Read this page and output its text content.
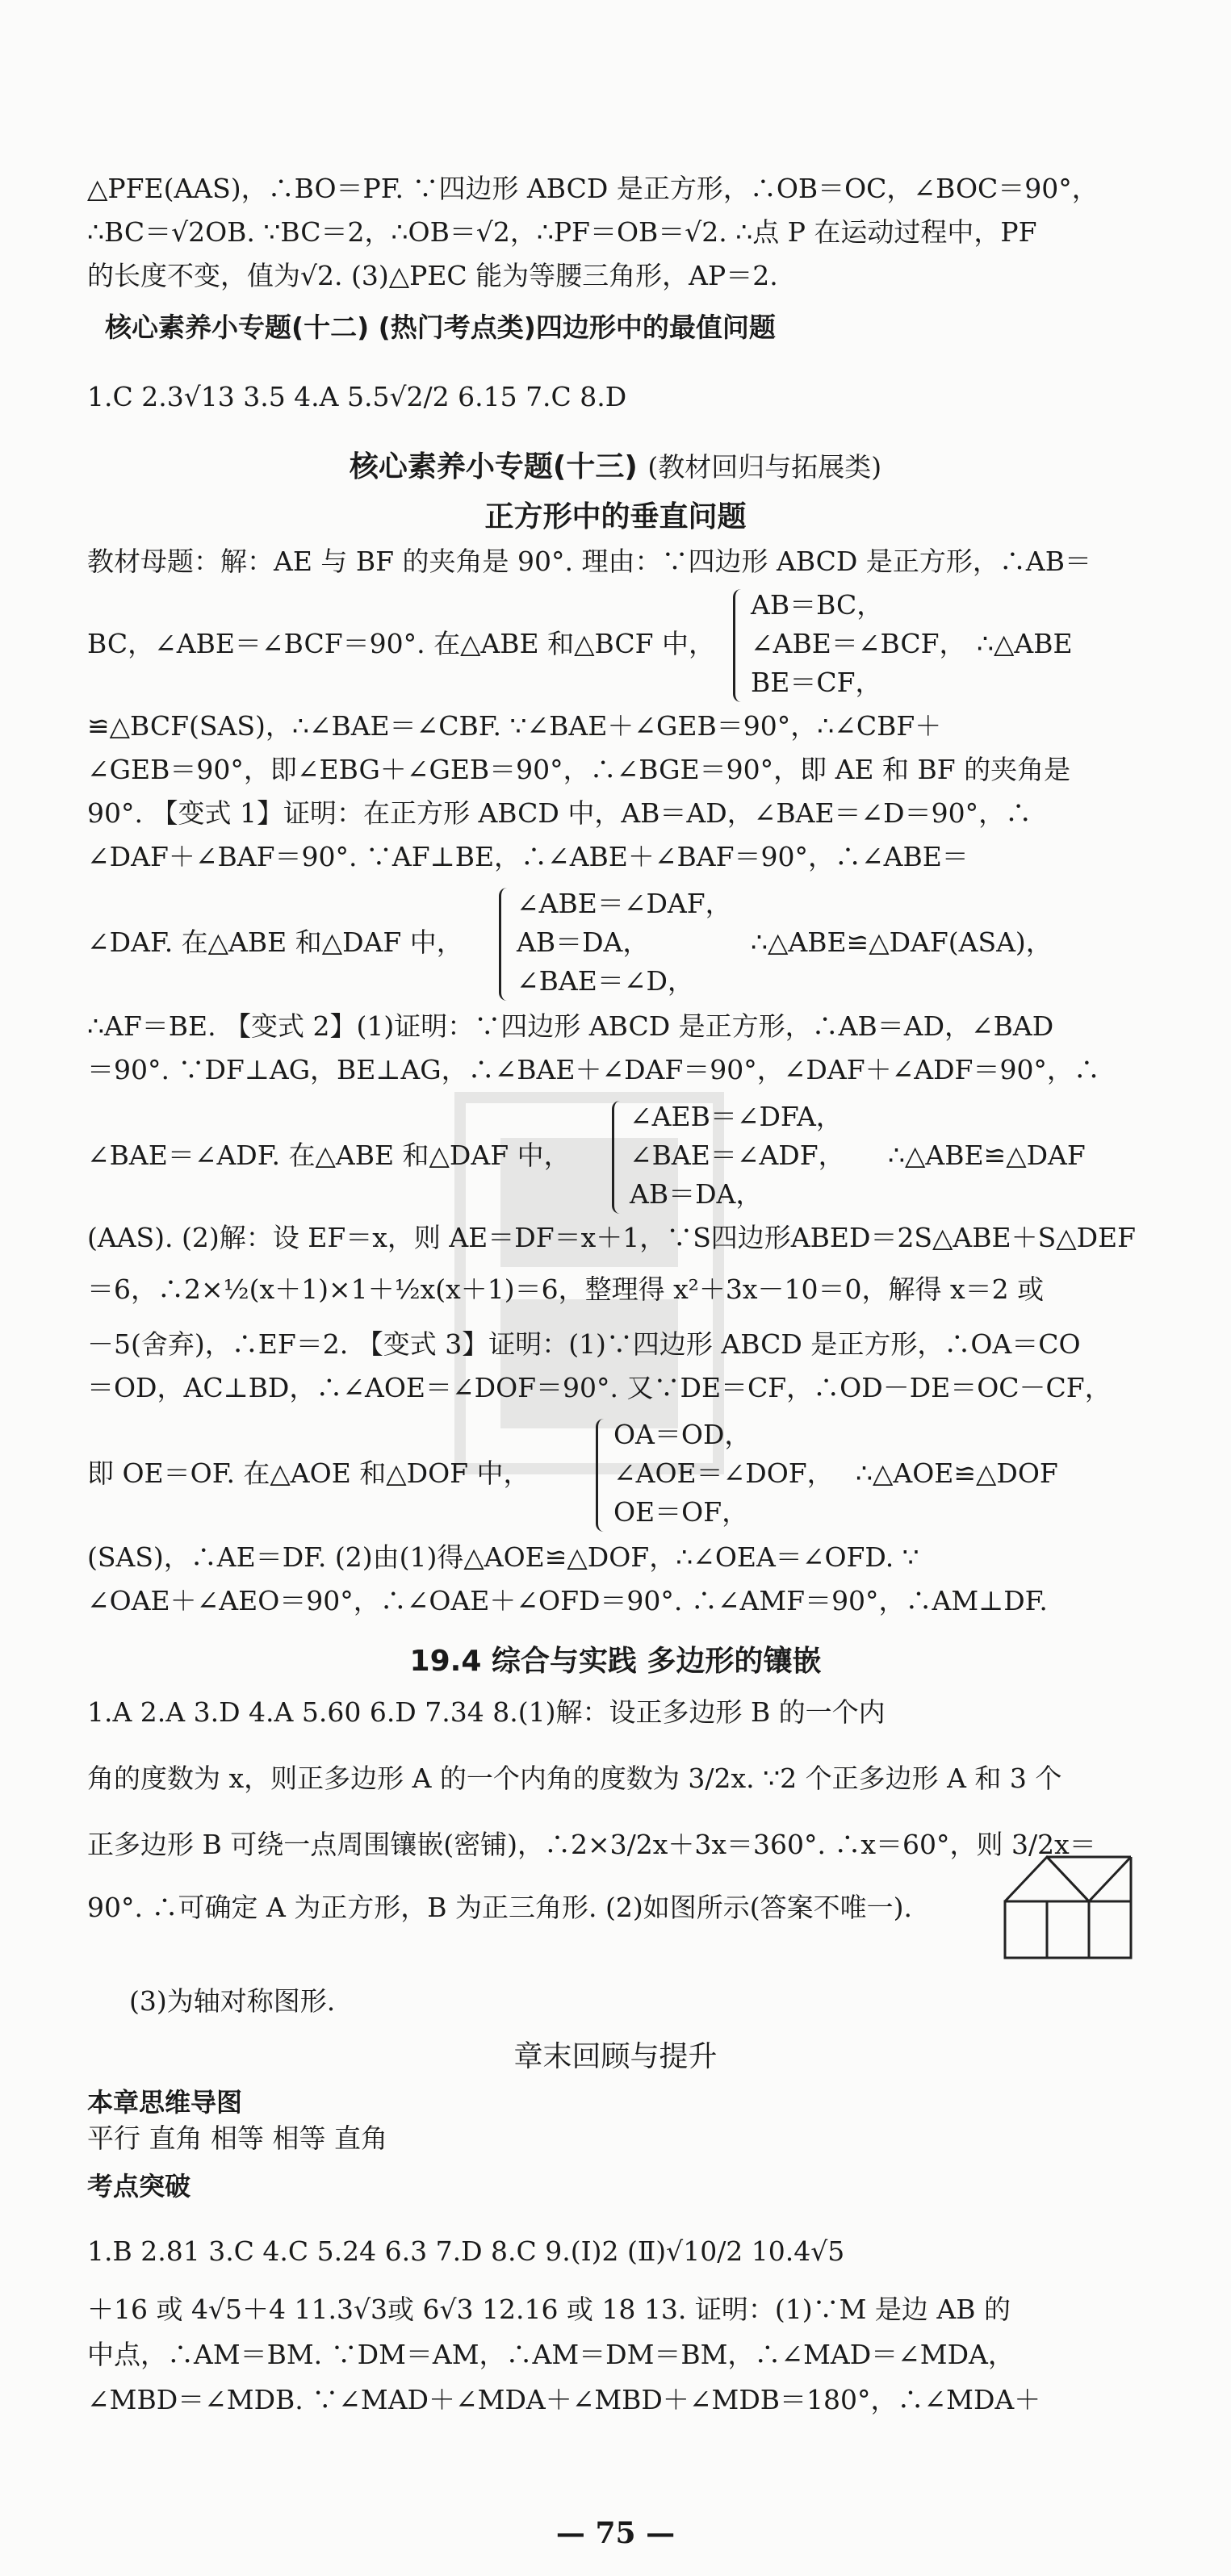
△PFE(AAS)，∴BO＝PF. ∵四边形 ABCD 是正方形，∴OB＝OC，∠BOC＝90°，
∴BC＝√2OB. ∵BC＝2，∴OB＝√2，∴PF＝OB＝√2. ∴点 P 在运动过程中，PF
的长度不变，值为√2. (3)△PEC 能为等腰三角形，AP＝2.
核心素养小专题(十二) (热门考点类)四边形中的最值问题
1.C 2.3√13 3.5 4.A 5.5√2/2 6.15 7.C 8.D
核心素养小专题(十三) (教材回归与拓展类)
正方形中的垂直问题
教材母题：解：AE 与 BF 的夹角是 90°. 理由：∵四边形 ABCD 是正方形，∴AB＝
BC，∠ABE＝∠BCF＝90°. 在△ABE 和△BCF 中，
AB＝BC，
∠ABE＝∠BCF，
BE＝CF，
∴△ABE
≌△BCF(SAS)，∴∠BAE＝∠CBF. ∵∠BAE＋∠GEB＝90°，∴∠CBF＋
∠GEB＝90°，即∠EBG＋∠GEB＝90°，∴∠BGE＝90°，即 AE 和 BF 的夹角是
90°. 【变式 1】证明：在正方形 ABCD 中，AB＝AD，∠BAE＝∠D＝90°，∴
∠DAF＋∠BAF＝90°. ∵AF⊥BE，∴∠ABE＋∠BAF＝90°，∴∠ABE＝
∠DAF. 在△ABE 和△DAF 中，
∠ABE＝∠DAF，
AB＝DA，
∠BAE＝∠D，
∴△ABE≌△DAF(ASA)，
∴AF＝BE. 【变式 2】(1)证明：∵四边形 ABCD 是正方形，∴AB＝AD，∠BAD
＝90°. ∵DF⊥AG，BE⊥AG，∴∠BAE＋∠DAF＝90°，∠DAF＋∠ADF＝90°，∴
∠BAE＝∠ADF. 在△ABE 和△DAF 中，
∠AEB＝∠DFA，
∠BAE＝∠ADF，
AB＝DA，
∴△ABE≌△DAF
(AAS). (2)解：设 EF＝x，则 AE＝DF＝x＋1，∵S四边形ABED＝2S△ABE＋S△DEF
＝6，∴2×½(x＋1)×1＋½x(x＋1)＝6，整理得 x²＋3x－10＝0，解得 x＝2 或
－5(舍弃)，∴EF＝2. 【变式 3】证明：(1)∵四边形 ABCD 是正方形，∴OA＝CO
＝OD，AC⊥BD，∴∠AOE＝∠DOF＝90°. 又∵DE＝CF，∴OD－DE＝OC－CF，
即 OE＝OF. 在△AOE 和△DOF 中，
OA＝OD，
∠AOE＝∠DOF，
OE＝OF，
∴△AOE≌△DOF
(SAS)，∴AE＝DF. (2)由(1)得△AOE≌△DOF，∴∠OEA＝∠OFD. ∵
∠OAE＋∠AEO＝90°，∴∠OAE＋∠OFD＝90°. ∴∠AMF＝90°，∴AM⊥DF.
19.4 综合与实践 多边形的镶嵌
1.A 2.A 3.D 4.A 5.60 6.D 7.34 8.(1)解：设正多边形 B 的一个内
角的度数为 x，则正多边形 A 的一个内角的度数为 3/2x. ∵2 个正多边形 A 和 3 个
正多边形 B 可绕一点周围镶嵌(密铺)，∴2×3/2x＋3x＝360°. ∴x＝60°，则 3/2x＝
90°. ∴可确定 A 为正方形，B 为正三角形. (2)如图所示(答案不唯一).
(3)为轴对称图形.
章末回顾与提升
本章思维导图
平行 直角 相等 相等 直角
考点突破
1.B 2.81 3.C 4.C 5.24 6.3 7.D 8.C 9.(Ⅰ)2 (Ⅱ)√10/2 10.4√5
＋16 或 4√5＋4 11.3√3或 6√3 12.16 或 18 13. 证明：(1)∵M 是边 AB 的
中点，∴AM＝BM. ∵DM＝AM，∴AM＝DM＝BM，∴∠MAD＝∠MDA，
∠MBD＝∠MDB. ∵∠MAD＋∠MDA＋∠MBD＋∠MDB＝180°，∴∠MDA＋
— 75 —
